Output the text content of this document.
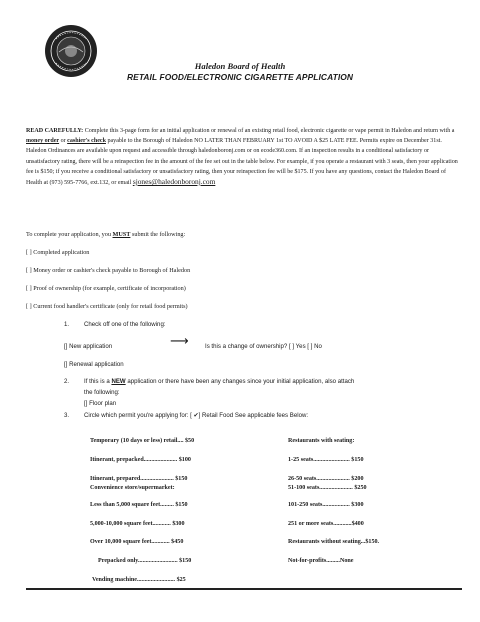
Haledon Board of Health
RETAIL FOOD/ELECTRONIC CIGARETTE APPLICATION
READ CAREFULLY: Complete this 3-page form for an initial application or renewal of an existing retail food, electronic cigarette or vape permit in Haledon and return with a money order or cashier's check payable to the Borough of Haledon NO LATER THAN FEBRUARY 1st TO AVOID A $25 LATE FEE. Permits expire on December 31st. Haledon Ordinances are available upon request and accessible through haledonboronj.com or on ecode360.com. If an inspection results in a conditional satisfactory or unsatisfactory rating, there will be a reinspection fee in the amount of the fee set out in the table below. For example, if you operate a restaurant with 3 seats, then your application fee is $150; if you receive a conditional satisfactory or unsatisfactory rating, then your reinspection fee will be $175. If you have any questions, contact the Haledon Board of Health at (973) 595-7766, ext.132, or email sjones@haledonboronj.com
To complete your application, you MUST submit the following:
[ ] Completed application
[ ] Money order or cashier's check payable to Borough of Haledon
[ ] Proof of ownership (for example, certificate of incorporation)
[ ] Current food handler's certificate (only for retail food permits)
1. Check off one of the following:
[] New application	⟶	Is this a change of ownership? [ ] Yes [ ] No
[] Renewal application
2. If this is a NEW application or there have been any changes since your initial application, also attach
the following:
[] Floor plan
3. Circle which permit you're applying for: [ ✔] Retail Food See applicable fees Below:
Temporary (10 days or less) retail.... $50
Itinerant, prepacked...................... $100
Itinerant, prepared...................... $150
Convenience store/supermarket:
Less than 5,000 square feet......... $150
5,000-10,000 square feet............ $300
Over 10,000 square feet............ $450
Prepacked only.......................... $150
Vending machine......................... $25
Restaurants with seating:
1-25 seats........................ $150
26-50 seats...................... $200
51-100 seats...................... $250
101-250 seats.................. $300
251 or more seats............$400
Restaurants without seating...$150.
Not-for-profits.........None
